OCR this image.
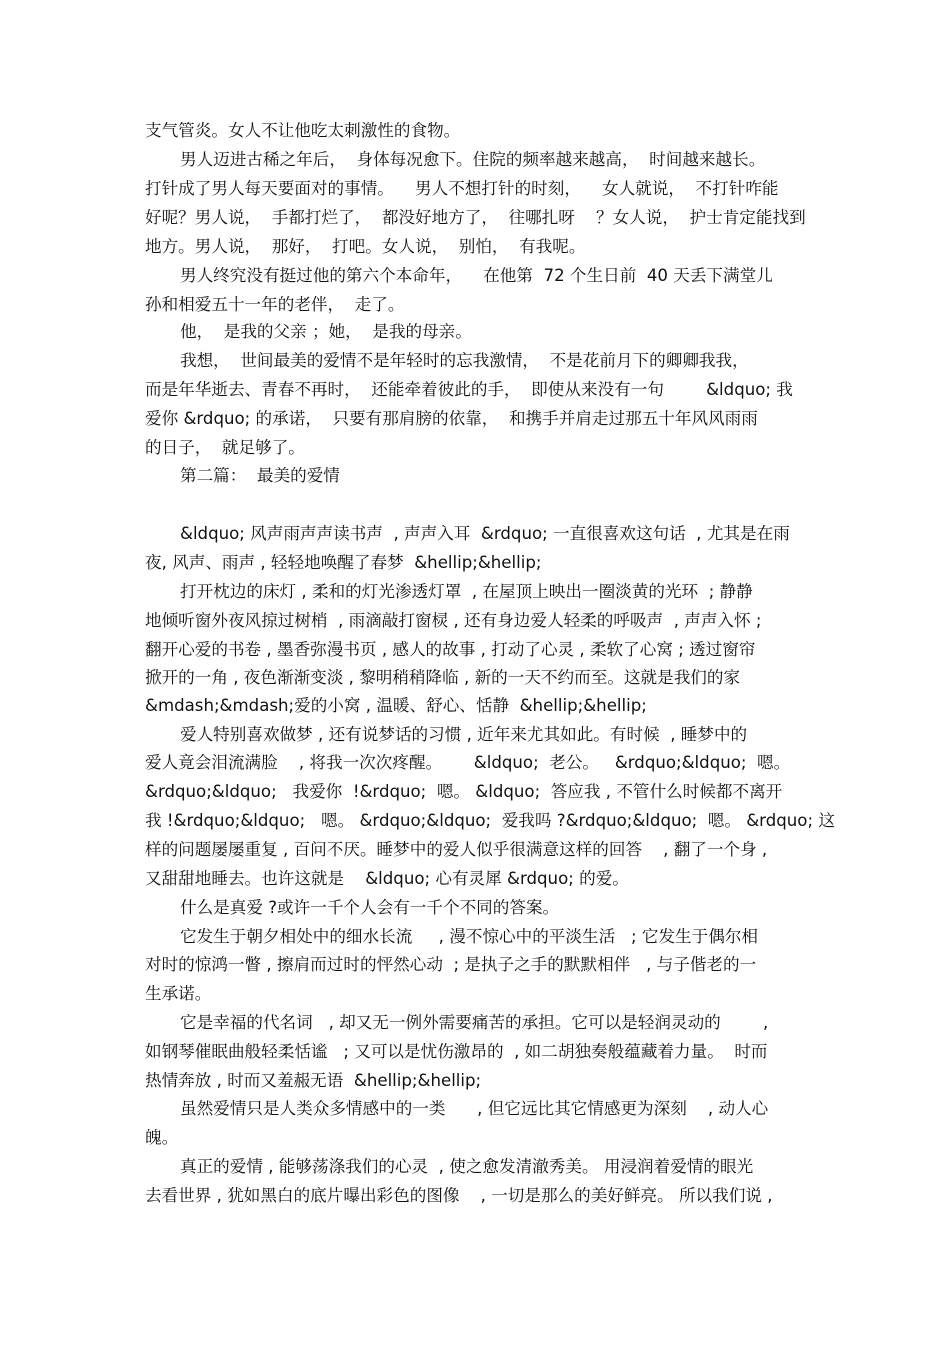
支气管炎。女人不让他吃太刺激性的食物。

男人迈进古稀之年后，  身体每况愈下。住院的频率越来越高，  时间越来越长。

打针成了男人每天要面对的事情。    男人不想打针的时刻，    女人就说，  不打针咋能

好呢？男人说，  手都打烂了，  都没好地方了，  往哪扎呀    ？女人说，  护士肯定能找到

地方。男人说，  那好，  打吧。女人说，  别怕，  有我呢。

男人终究没有挺过他的第六个本命年，    在他第  72 个生日前  40 天丢下满堂儿

孙和相爱五十一年的老伴，  走了。

他，  是我的父亲 ；她，  是我的母亲。

我想，  世间最美的爱情不是年轻时的忘我激情，  不是花前月下的卿卿我我，

而是年华逝去、青春不再时，  还能牵着彼此的手，  即使从来没有一句        &ldquo; 我

爱你 &rdquo; 的承诺，  只要有那肩膀的依靠，  和携手并肩走过那五十年风风雨雨

的日子，  就足够了。

第二篇：  最美的爱情

&ldquo; 风声雨声声读书声  , 声声入耳  &rdquo; 一直很喜欢这句话  , 尤其是在雨

夜, 风声、雨声 , 轻轻地唤醒了春梦  &hellip;&hellip;

打开枕边的床灯 , 柔和的灯光渗透灯罩  , 在屋顶上映出一圈淡黄的光环  ; 静静

地倾听窗外夜风掠过树梢  , 雨滴敲打窗棂 , 还有身边爱人轻柔的呼吸声  , 声声入怀 ;

翻开心爱的书卷 , 墨香弥漫书页 , 感人的故事 , 打动了心灵 , 柔软了心窝 ; 透过窗帘

掀开的一角 , 夜色渐渐变淡 , 黎明稍稍降临 , 新的一天不约而至。这就是我们的家

&mdash;&mdash;爱的小窝 , 温暖、舒心、恬静  &hellip;&hellip;

爱人特别喜欢做梦 , 还有说梦话的习惯 , 近年来尤其如此。有时候  , 睡梦中的

爱人竟会泪流满脸    , 将我一次次疼醒。      &ldquo;  老公。   &rdquo;&ldquo;  嗯。

&rdquo;&ldquo;   我爱你  !&rdquo;  嗯。 &ldquo;  答应我 , 不管什么时候都不离开

我 !&rdquo;&ldquo;   嗯。 &rdquo;&ldquo;  爱我吗 ?&rdquo;&ldquo;  嗯。 &rdquo; 这

样的问题屡屡重复 , 百问不厌。睡梦中的爱人似乎很满意这样的回答    , 翻了一个身 ,

又甜甜地睡去。也许这就是    &ldquo; 心有灵犀 &rdquo; 的爱。

什么是真爱 ?或许一千个人会有一千个不同的答案。

它发生于朝夕相处中的细水长流     , 漫不惊心中的平淡生活   ; 它发生于偶尔相

对时的惊鸿一瞥 , 擦肩而过时的怦然心动  ; 是执子之手的默默相伴   , 与子偕老的一

生承诺。

它是幸福的代名词   , 却又无一例外需要痛苦的承担。它可以是轻润灵动的        ,

如钢琴催眠曲般轻柔恬谧   ; 又可以是忧伤激昂的  , 如二胡独奏般蕴藏着力量。  时而

热情奔放 , 时而又羞赧无语  &hellip;&hellip;

虽然爱情只是人类众多情感中的一类      , 但它远比其它情感更为深刻    , 动人心

魄。

真正的爱情 , 能够荡涤我们的心灵  , 使之愈发清澈秀美。 用浸润着爱情的眼光

去看世界 , 犹如黑白的底片曝出彩色的图像    , 一切是那么的美好鲜亮。 所以我们说 ,
